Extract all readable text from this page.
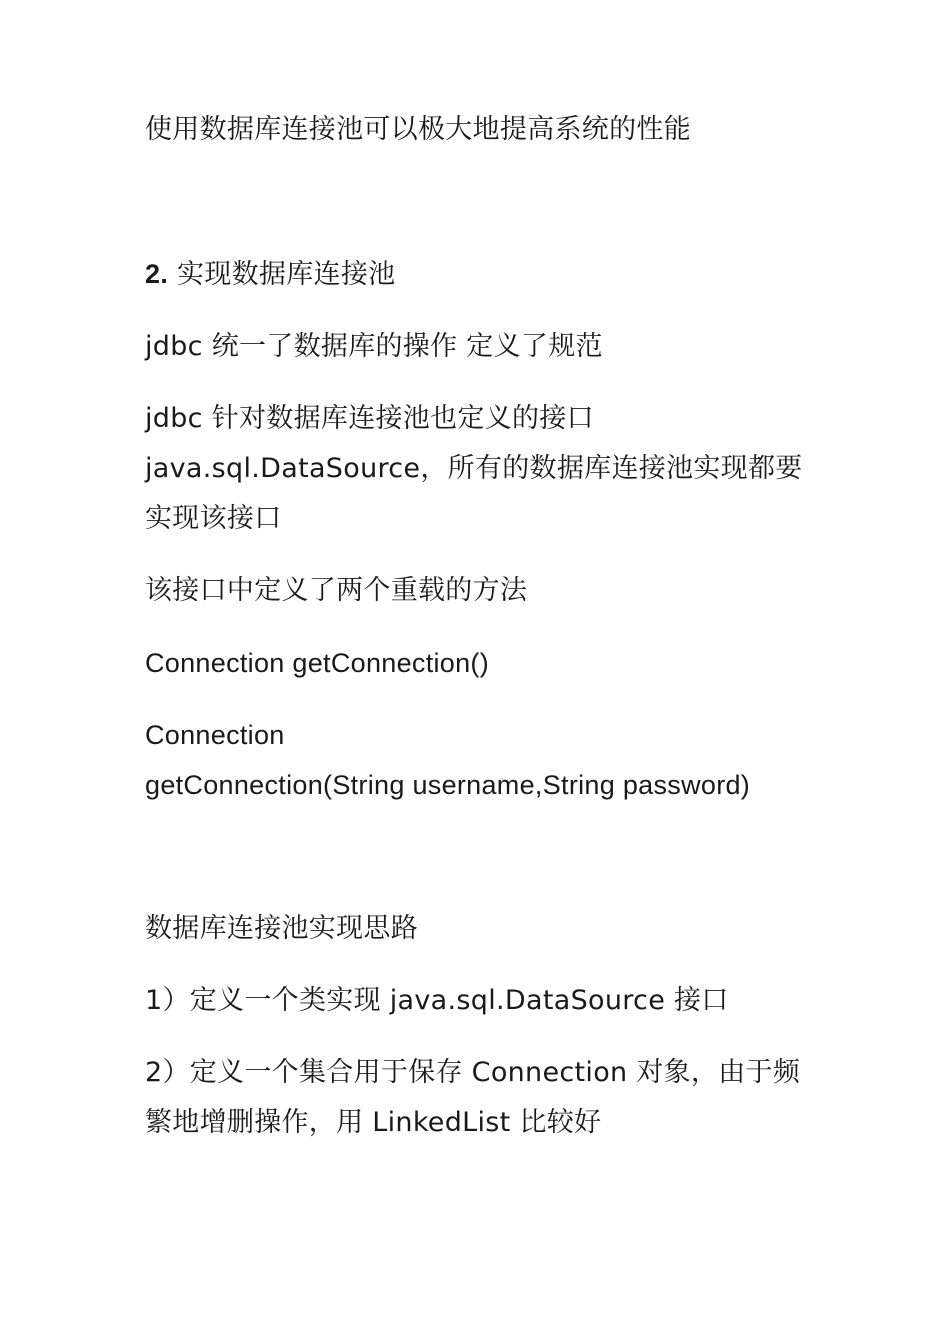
使用数据库连接池可以极大地提高系统的性能
2. 实现数据库连接池
jdbc 统一了数据库的操作 定义了规范
jdbc 针对数据库连接池也定义的接口
java.sql.DataSource，所有的数据库连接池实现都要
实现该接口
该接口中定义了两个重载的方法
Connection getConnection()
Connection
getConnection(String username,String password)
数据库连接池实现思路
1）定义一个类实现 java.sql.DataSource 接口
2）定义一个集合用于保存 Connection 对象，由于频
繁地增删操作，用 LinkedList 比较好
